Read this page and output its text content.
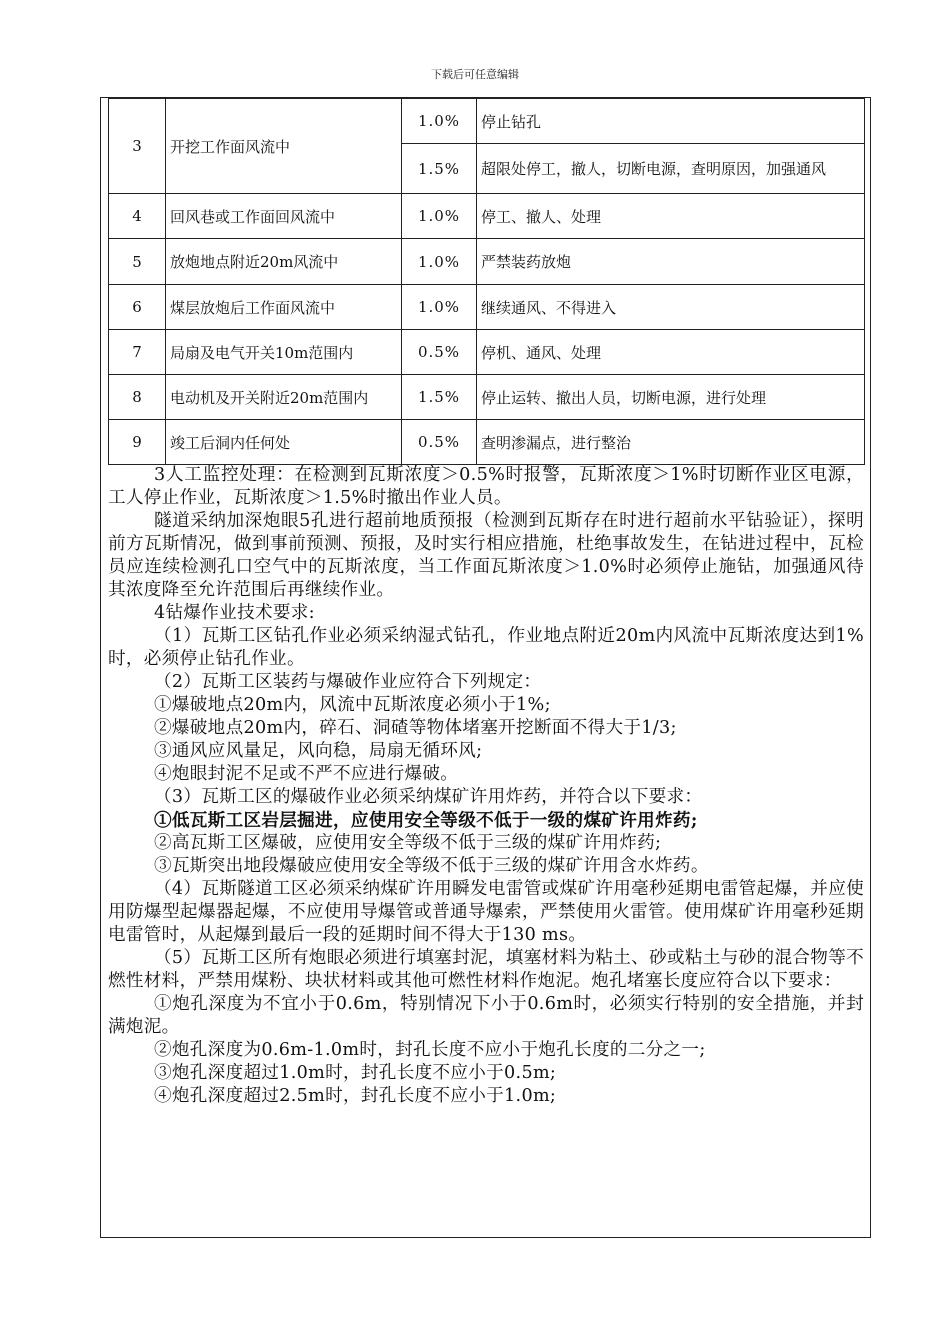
下载后可任意编辑
3	开挖工作面风流中	1.0%	停止钻孔
		1.5%	超限处停工，撤人，切断电源，查明原因，加强通风
4	回风巷或工作面回风流中	1.0%	停工、撤人、处理
5	放炮地点附近20m风流中	1.0%	严禁装药放炮
6	煤层放炮后工作面风流中	1.0%	继续通风、不得进入
7	局扇及电气开关10m范围内	0.5%	停机、通风、处理
8	电动机及开关附近20m范围内	1.5%	停止运转、撤出人员，切断电源，进行处理
9	竣工后洞内任何处	0.5%	查明渗漏点，进行整治

3人工监控处理：在检测到瓦斯浓度＞0.5%时报警，瓦斯浓度＞1%时切断作业区电源，工人停止作业，瓦斯浓度＞1.5%时撤出作业人员。

隧道采纳加深炮眼5孔进行超前地质预报（检测到瓦斯存在时进行超前水平钻验证），探明前方瓦斯情况，做到事前预测、预报，及时实行相应措施，杜绝事故发生，在钻进过程中，瓦检员应连续检测孔口空气中的瓦斯浓度，当工作面瓦斯浓度＞1.0%时必须停止施钻，加强通风待其浓度降至允许范围后再继续作业。

4钻爆作业技术要求:

（1）瓦斯工区钻孔作业必须采纳湿式钻孔，作业地点附近20m内风流中瓦斯浓度达到1%时，必须停止钻孔作业。

（2）瓦斯工区装药与爆破作业应符合下列规定：

①爆破地点20m内，风流中瓦斯浓度必须小于1%;

②爆破地点20m内，碎石、洞碴等物体堵塞开挖断面不得大于1/3;

③通风应风量足，风向稳，局扇无循环风;

④炮眼封泥不足或不严不应进行爆破。

（3）瓦斯工区的爆破作业必须采纳煤矿许用炸药，并符合以下要求：

①低瓦斯工区岩层掘进，应使用安全等级不低于一级的煤矿许用炸药;

②高瓦斯工区爆破，应使用安全等级不低于三级的煤矿许用炸药;

③瓦斯突出地段爆破应使用安全等级不低于三级的煤矿许用含水炸药。

（4）瓦斯隧道工区必须采纳煤矿许用瞬发电雷管或煤矿许用毫秒延期电雷管起爆，并应使用防爆型起爆器起爆，不应使用导爆管或普通导爆索，严禁使用火雷管。使用煤矿许用毫秒延期电雷管时，从起爆到最后一段的延期时间不得大于130 ms。

（5）瓦斯工区所有炮眼必须进行填塞封泥，填塞材料为粘土、砂或粘土与砂的混合物等不燃性材料，严禁用煤粉、块状材料或其他可燃性材料作炮泥。炮孔堵塞长度应符合以下要求：

①炮孔深度为不宜小于0.6m，特别情况下小于0.6m时，必须实行特别的安全措施，并封满炮泥。

②炮孔深度为0.6m-1.0m时，封孔长度不应小于炮孔长度的二分之一;

③炮孔深度超过1.0m时，封孔长度不应小于0.5m;

④炮孔深度超过2.5m时，封孔长度不应小于1.0m;
